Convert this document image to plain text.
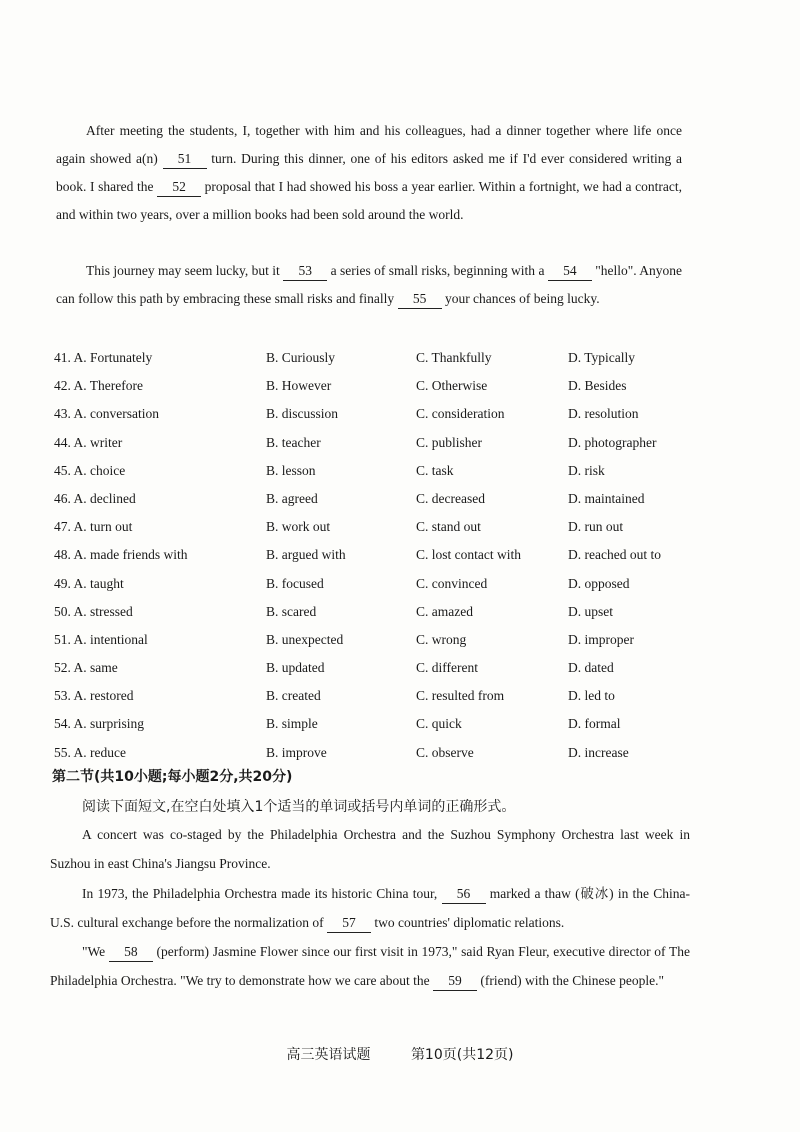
After meeting the students, I, together with him and his colleagues, had a dinner together where life once again showed a(n) 51 turn. During this dinner, one of his editors asked me if I'd ever considered writing a book. I shared the 52 proposal that I had showed his boss a year earlier. Within a fortnight, we had a contract, and within two years, over a million books had been sold around the world.
This journey may seem lucky, but it 53 a series of small risks, beginning with a 54 "hello". Anyone can follow this path by embracing these small risks and finally 55 your chances of being lucky.
41. A. Fortunately	B. Curiously	C. Thankfully	D. Typically
42. A. Therefore	B. However	C. Otherwise	D. Besides
43. A. conversation	B. discussion	C. consideration	D. resolution
44. A. writer	B. teacher	C. publisher	D. photographer
45. A. choice	B. lesson	C. task	D. risk
46. A. declined	B. agreed	C. decreased	D. maintained
47. A. turn out	B. work out	C. stand out	D. run out
48. A. made friends with	B. argued with	C. lost contact with	D. reached out to
49. A. taught	B. focused	C. convinced	D. opposed
50. A. stressed	B. scared	C. amazed	D. upset
51. A. intentional	B. unexpected	C. wrong	D. improper
52. A. same	B. updated	C. different	D. dated
53. A. restored	B. created	C. resulted from	D. led to
54. A. surprising	B. simple	C. quick	D. formal
55. A. reduce	B. improve	C. observe	D. increase
第二节(共10小题;每小题2分,共20分)
阅读下面短文,在空白处填入1个适当的单词或括号内单词的正确形式。
A concert was co-staged by the Philadelphia Orchestra and the Suzhou Symphony Orchestra last week in Suzhou in east China's Jiangsu Province.
In 1973, the Philadelphia Orchestra made its historic China tour, 56 marked a thaw (破冰) in the China-U.S. cultural exchange before the normalization of 57 two countries' diplomatic relations.
"We 58 (perform) Jasmine Flower since our first visit in 1973," said Ryan Fleur, executive director of The Philadelphia Orchestra. "We try to demonstrate how we care about the 59 (friend) with the Chinese people."
高三英语试题	第10页(共12页)
